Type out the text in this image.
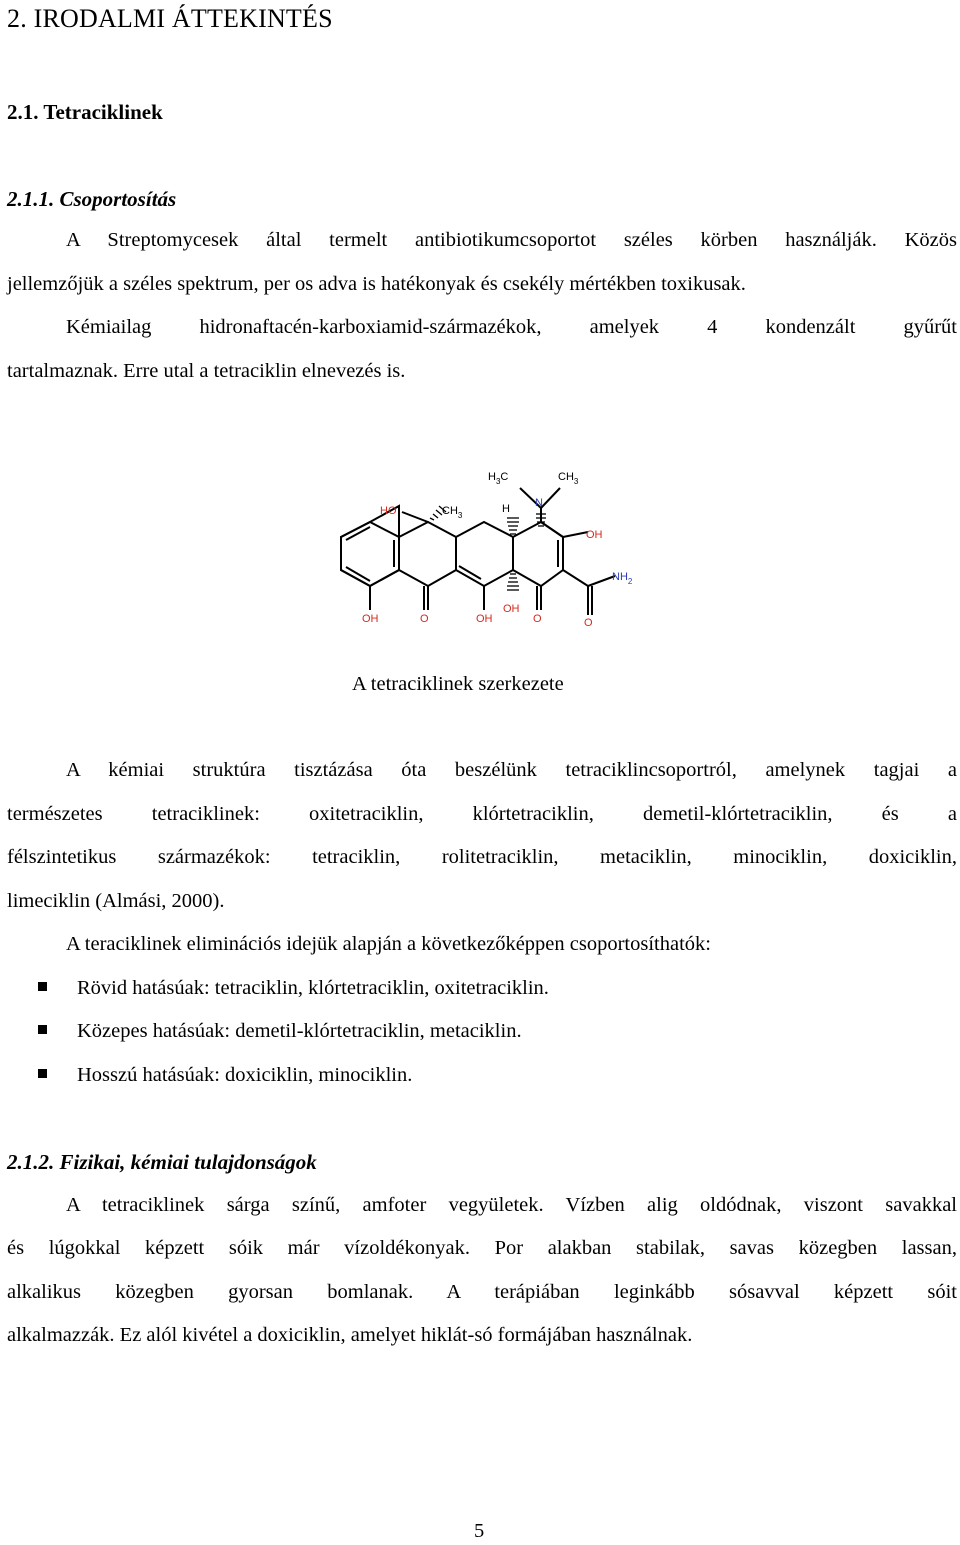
2. IRODALMI ÁTTEKINTÉS
2.1. Tetraciklinek
2.1.1. Csoportosítás
A Streptomycesek által termelt antibiotikumcsoportot széles körben használják. Közös
jellemzőjük a széles spektrum, per os adva is hatékonyak és csekély mértékben toxikusak.
Kémiailag hidronaftacén-karboxiamid-származékok, amelyek 4 kondenzált gyűrűt
tartalmaznak. Erre utal a tetraciklin elnevezés is.
HO	$CH_3$
$H_3C$	$CH_3$
H N
OH
$NH_2$
OH	O	OH
OH
O	O
A tetraciklinek szerkezete
A kémiai struktúra tisztázása óta beszélünk tetraciklincsoportról, amelynek tagjai a
természetes tetraciklinek: oxitetraciklin, klórtetraciklin, demetil-klórtetraciklin, és a
félszintetikus származékok: tetraciklin, rolitetraciklin, metaciklin, minociklin, doxiciklin,
limeciklin (Almási, 2000).
A teraciklinek eliminációs idejük alapján a következőképpen csoportosíthatók:
Rövid hatásúak: tetraciklin, klórtetraciklin, oxitetraciklin.
Közepes hatásúak: demetil-klórtetraciklin, metaciklin.
Hosszú hatásúak: doxiciklin, minociklin.
2.1.2. Fizikai, kémiai tulajdonságok
A tetraciklinek sárga színű, amfoter vegyületek. Vízben alig oldódnak, viszont savakkal
és lúgokkal képzett sóik már vízoldékonyak. Por alakban stabilak, savas közegben lassan,
alkalikus közegben gyorsan bomlanak. A terápiában leginkább sósavval képzett sóit
alkalmazzák. Ez alól kivétel a doxiciklin, amelyet hiklát-só formájában használnak.
5
